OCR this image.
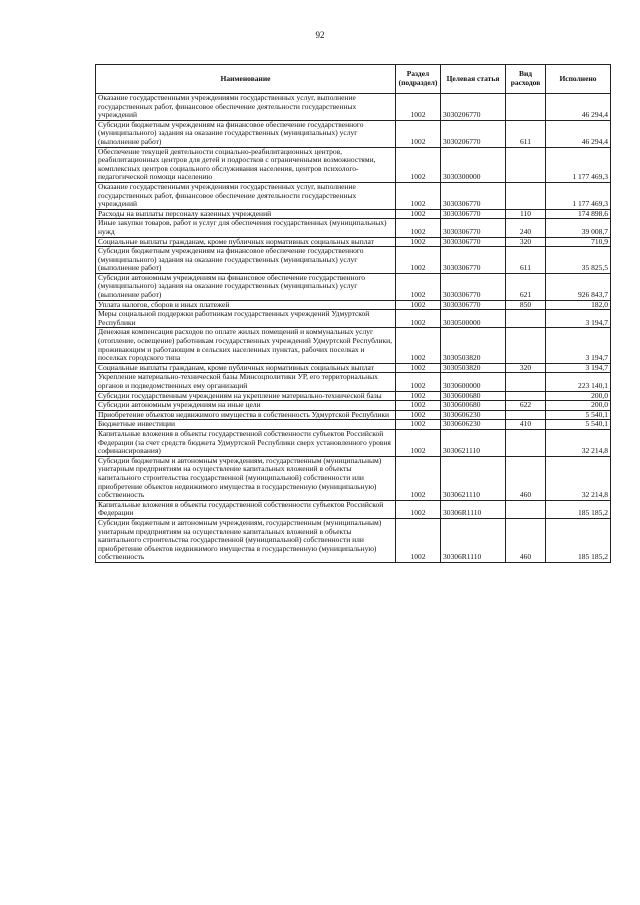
92
Наименование	Раздел (подраздел)	Целевая статья	Вид расходов	Исполнено
Оказание государственными учреждениями государственных услуг, выполнение государственных работ, финансовое обеспечение деятельности государственных учреждений	1002	3030206770		46 294,4
Субсидии бюджетным учреждениям на финансовое обеспечение государственного (муниципального) задания на оказание государственных (муниципальных) услуг (выполнение работ)	1002	3030206770	611	46 294,4
Обеспечение текущей деятельности социально-реабилитационных центров, реабилитационных центров для детей и подростков с ограниченными возможностями, комплексных центров социального обслуживания населения, центров психолого-педагогической помощи населению	1002	3030300000		1 177 469,3
Оказание государственными учреждениями государственных услуг, выполнение государственных работ, финансовое обеспечение деятельности государственных учреждений	1002	3030306770		1 177 469,3
Расходы на выплаты персоналу казенных учреждений	1002	3030306770	110	174 898,6
Иные закупки товаров, работ и услуг для обеспечения государственных (муниципальных) нужд	1002	3030306770	240	39 008,7
Социальные выплаты гражданам, кроме публичных нормативных социальных выплат	1002	3030306770	320	710,9
Субсидии бюджетным учреждениям на финансовое обеспечение государственного (муниципального) задания на оказание государственных (муниципальных) услуг (выполнение работ)	1002	3030306770	611	35 825,5
Субсидии автономным учреждениям на финансовое обеспечение государственного (муниципального) задания на оказание государственных (муниципальных) услуг (выполнение работ)	1002	3030306770	621	926 843,7
Уплата налогов, сборов и иных платежей	1002	3030306770	850	182,0
Меры социальной поддержки работникам государственных учреждений Удмуртской Республики	1002	3030500000		3 194,7
Денежная компенсация расходов по оплате жилых помещений и коммунальных услуг (отопление, освещение) работникам государственных учреждений Удмуртской Республики, проживающим и работающим в сельских населенных пунктах, рабочих поселках и поселках городского типа	1002	3030503820		3 194,7
Социальные выплаты гражданам, кроме публичных нормативных социальных выплат	1002	3030503820	320	3 194,7
Укрепление материально-технической базы Минсоцполитики УР, его территориальных органов и подведомственных ему организаций	1002	3030600000		223 140,1
Субсидии государственным учреждениям на укрепление материально-технической базы	1002	3030600680		200,0
Субсидии автономным учреждениям на иные цели	1002	3030600680	622	200,0
Приобретение объектов недвижимого имущества в собственность Удмуртской Республики	1002	3030606230		5 540,1
Бюджетные инвестиции	1002	3030606230	410	5 540,1
Капитальные вложения в объекты государственной собственности субъектов Российской Федерации (за счет средств бюджета Удмуртской Республики сверх установленного уровня софинансирования)	1002	3030621110		32 214,8
Субсидии бюджетным и автономным учреждениям, государственным (муниципальным) унитарным предприятиям на осуществление капитальных вложений в объекты капитального строительства государственной (муниципальной) собственности или приобретение объектов недвижимого имущества в государственную (муниципальную) собственность	1002	3030621110	460	32 214,8
Капитальные вложения в объекты государственной собственности субъектов Российской Федерации	1002	30306R1110		185 185,2
Субсидии бюджетным и автономным учреждениям, государственным (муниципальным) унитарным предприятиям на осуществление капитальных вложений в объекты капитального строительства государственной (муниципальной) собственности или приобретение объектов недвижимого имущества в государственную (муниципальную) собственность	1002	30306R1110	460	185 185,2
